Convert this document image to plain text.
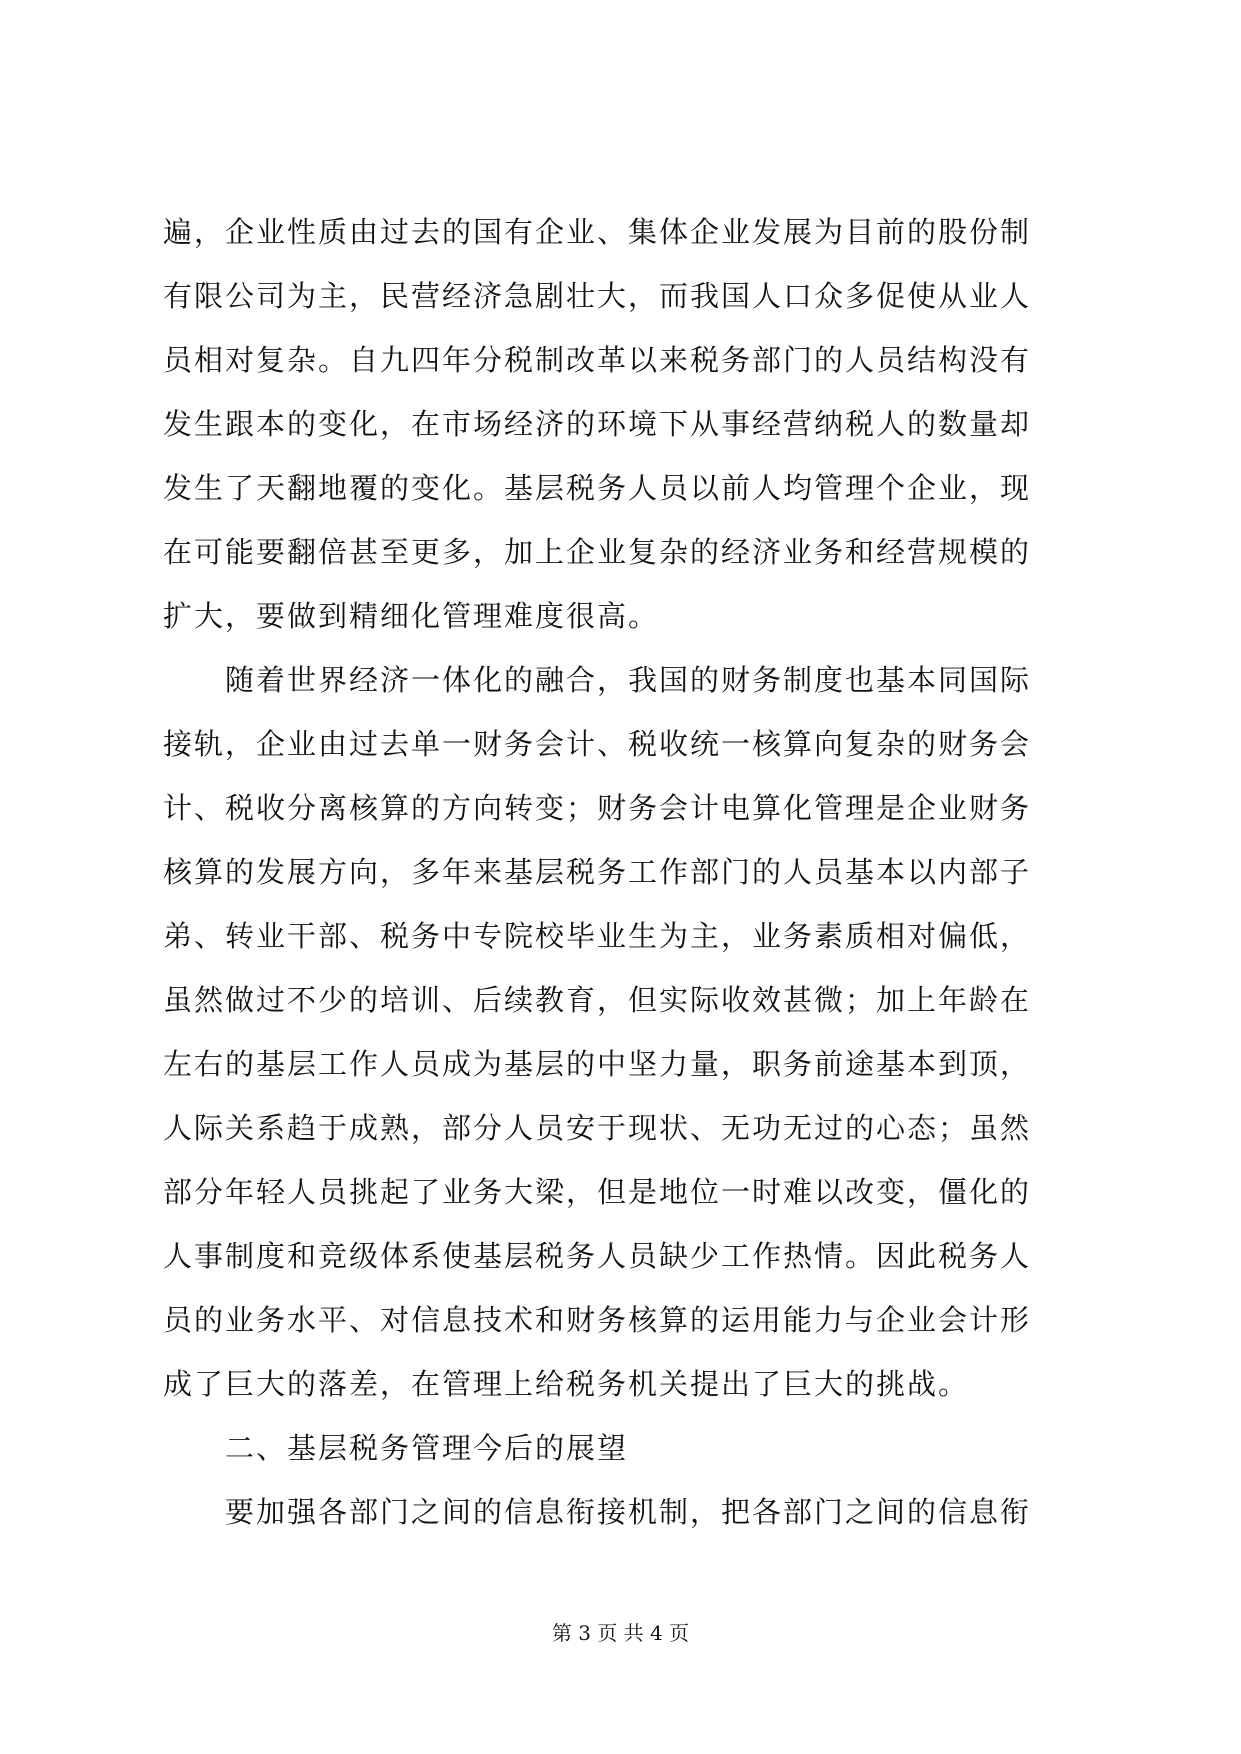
遍，企业性质由过去的国有企业、集体企业发展为目前的股份制
有限公司为主，民营经济急剧壮大，而我国人口众多促使从业人
员相对复杂。自九四年分税制改革以来税务部门的人员结构没有
发生跟本的变化，在市场经济的环境下从事经营纳税人的数量却
发生了天翻地覆的变化。基层税务人员以前人均管理个企业，现
在可能要翻倍甚至更多，加上企业复杂的经济业务和经营规模的
扩大，要做到精细化管理难度很高。
　　随着世界经济一体化的融合，我国的财务制度也基本同国际
接轨，企业由过去单一财务会计、税收统一核算向复杂的财务会
计、税收分离核算的方向转变；财务会计电算化管理是企业财务
核算的发展方向，多年来基层税务工作部门的人员基本以内部子
弟、转业干部、税务中专院校毕业生为主，业务素质相对偏低，
虽然做过不少的培训、后续教育，但实际收效甚微；加上年龄在
左右的基层工作人员成为基层的中坚力量，职务前途基本到顶，
人际关系趋于成熟，部分人员安于现状、无功无过的心态；虽然
部分年轻人员挑起了业务大梁，但是地位一时难以改变，僵化的
人事制度和竞级体系使基层税务人员缺少工作热情。因此税务人
员的业务水平、对信息技术和财务核算的运用能力与企业会计形
成了巨大的落差，在管理上给税务机关提出了巨大的挑战。
　　二、基层税务管理今后的展望
　　要加强各部门之间的信息衔接机制，把各部门之间的信息衔
第 3 页 共 4 页
